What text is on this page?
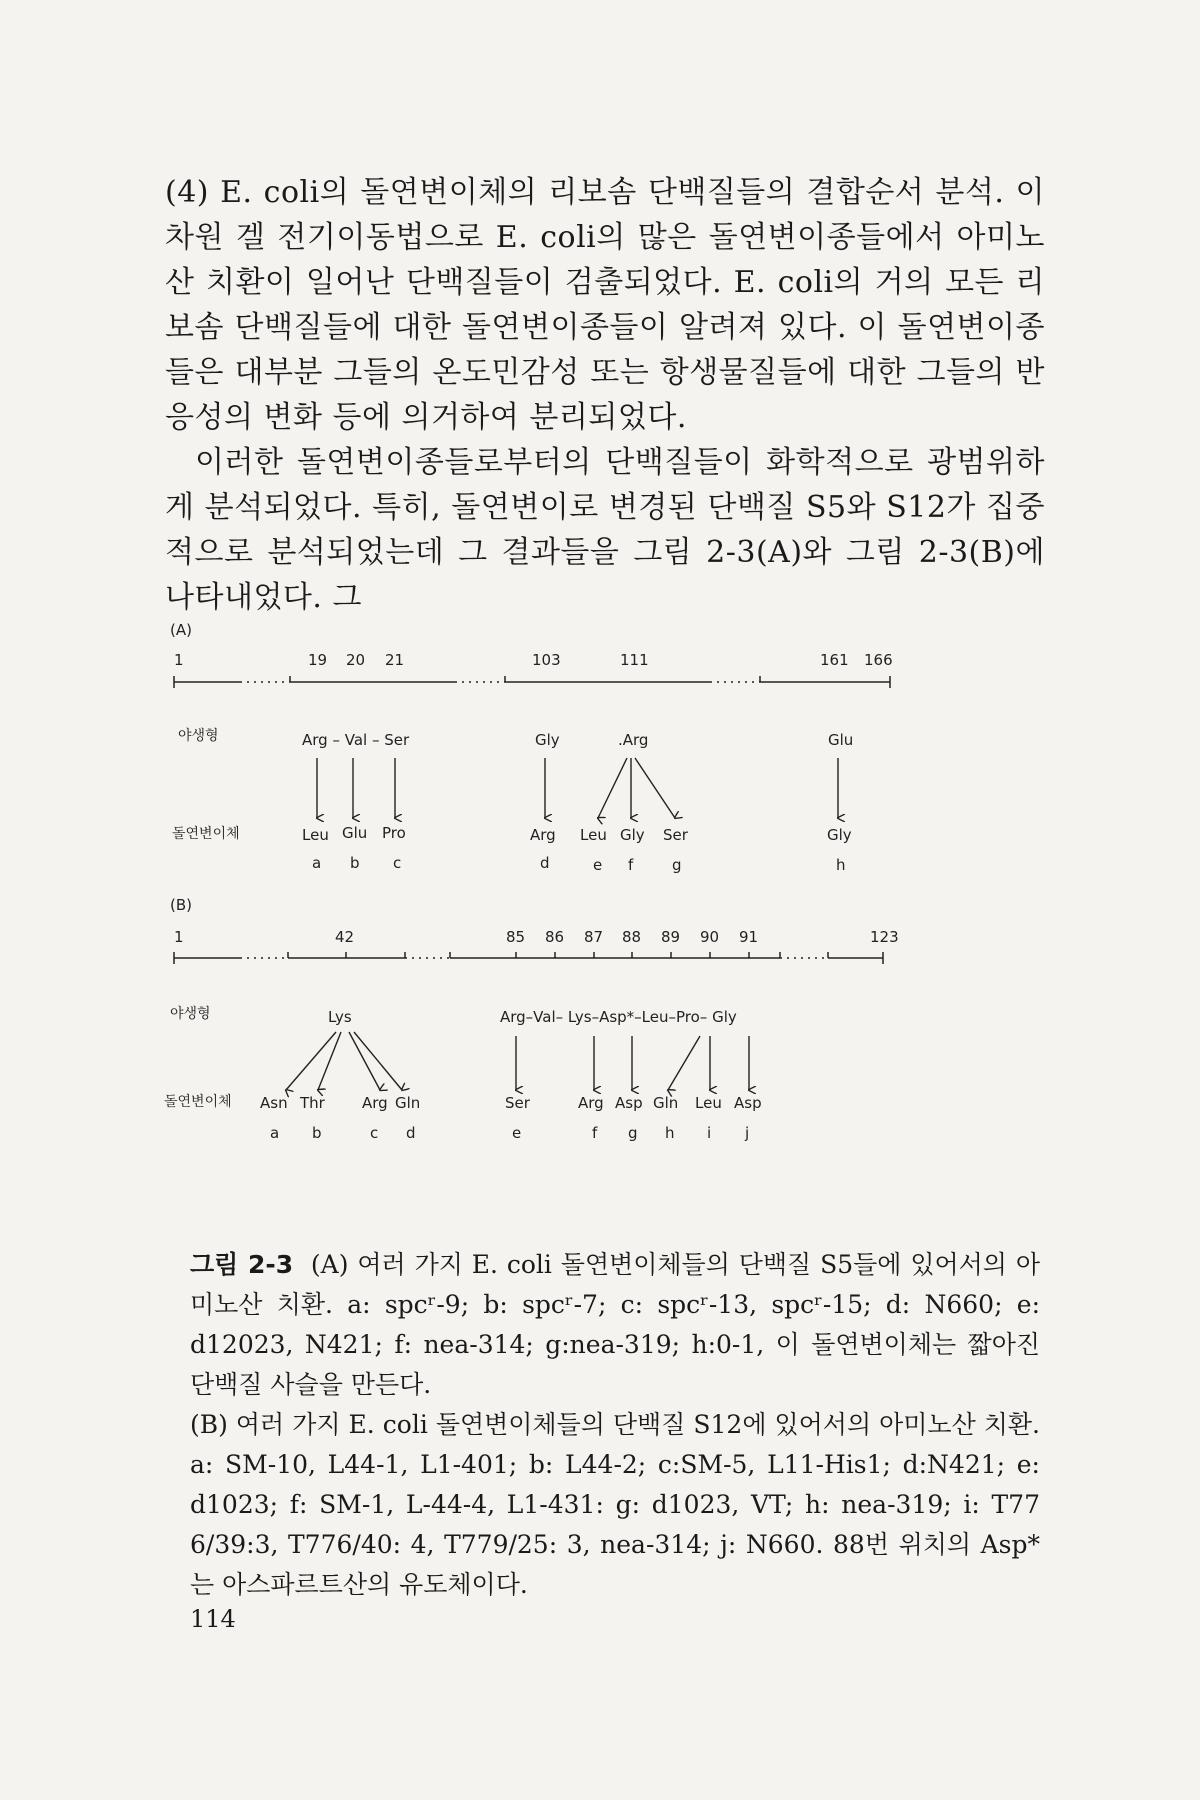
(4) E. coli의 돌연변이체의 리보솜 단백질들의 결합순서 분석. 이차원 겔 전기이동법으로 E. coli의 많은 돌연변이종들에서 아미노산 치환이 일어난 단백질들이 검출되었다. E. coli의 거의 모든 리보솜 단백질들에 대한 돌연변이종들이 알려져 있다. 이 돌연변이종들은 대부분 그들의 온도민감성 또는 항생물질들에 대한 그들의 반응성의 변화 등에 의거하여 분리되었다.

이러한 돌연변이종들로부터의 단백질들이 화학적으로 광범위하게 분석되었다. 특히, 돌연변이로 변경된 단백질 S5와 S12가 집중적으로 분석되었는데 그 결과들을 그림 2-3(A)와 그림 2-3(B)에 나타내었다. 그

(A)
1	19 20 21	103	111	161 166
야생형	Arg – Val – Ser	Gly	.Arg	Glu
돌연변이체	Leu Glu Pro	Arg Leu Gly Ser	Gly
a b c	d	e f	g	h
(B)
1	42	85 86 87 88 89 90 91	123
야생형	Lys	Arg–Val– Lys–Asp*–Leu–Pro– Gly
돌연변이체 Asn Thr Arg Gln	Ser	Arg Asp Gln Leu Asp
a b	c d	e	f g h i j

그림 2-3 (A) 여러 가지 E. coli 돌연변이체들의 단백질 S5들에 있어서의 아미노산 치환. a: spcʳ-9; b: spcʳ-7; c: spcʳ-13, spcʳ-15; d: N660; e: d12023, N421; f: nea-314; g:nea-319; h:0-1, 이 돌연변이체는 짧아진 단백질 사슬을 만든다.

(B) 여러 가지 E. coli 돌연변이체들의 단백질 S12에 있어서의 아미노산 치환. a: SM-10, L44-1, L1-401; b: L44-2; c:SM-5, L11-His1; d:N421; e: d1023; f: SM-1, L-44-4, L1-431: g: d1023, VT; h: nea-319; i: T77 6/39:3, T776/40: 4, T779/25: 3, nea-314; j: N660. 88번 위치의 Asp*는 아스파르트산의 유도체이다.

114
